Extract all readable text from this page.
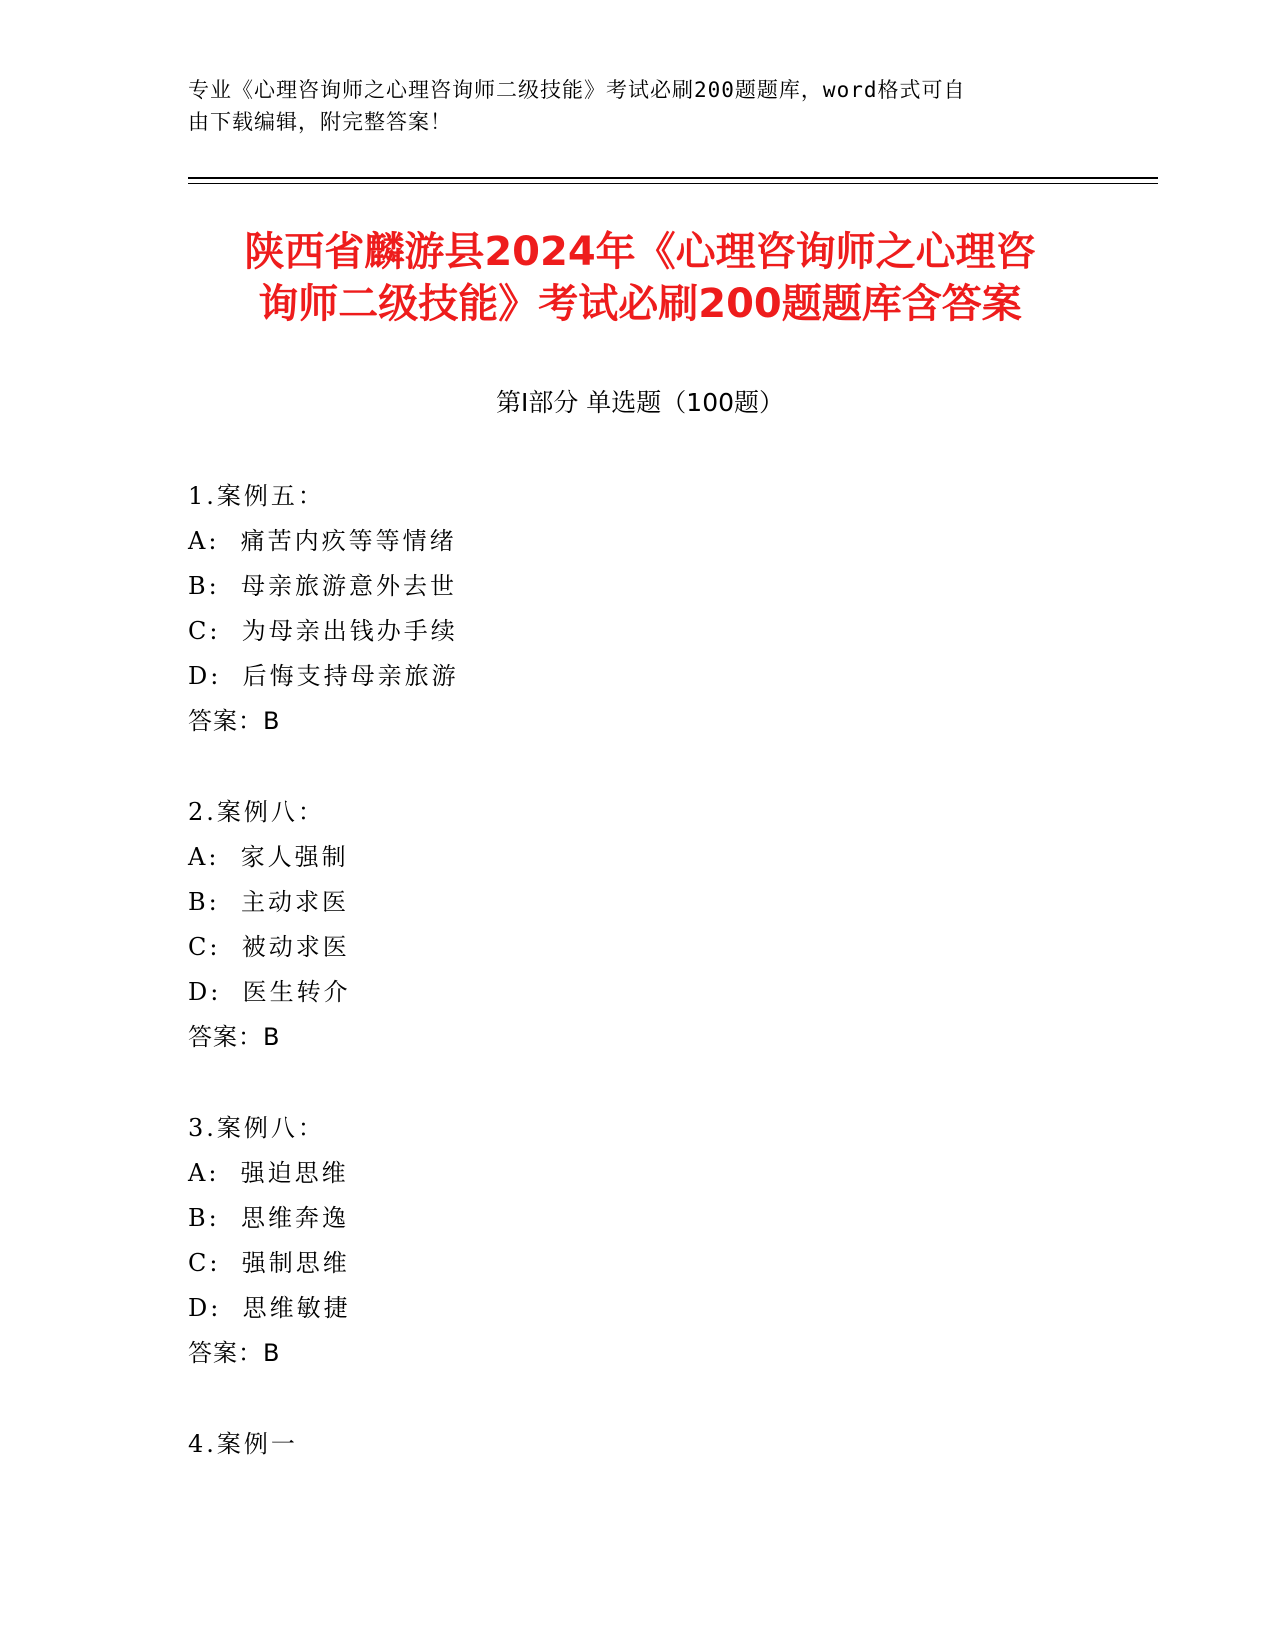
专业《心理咨询师之心理咨询师二级技能》考试必刷200题题库，word格式可自
由下载编辑，附完整答案！
陕西省麟游县2024年《心理咨询师之心理咨
询师二级技能》考试必刷200题题库含答案
第Ⅰ部分 单选题（100题）
1.案例五：
A:  痛苦内疚等等情绪
B:  母亲旅游意外去世
C:  为母亲出钱办手续
D:  后悔支持母亲旅游
答案：B
2.案例八：
A:  家人强制
B:  主动求医
C:  被动求医
D:  医生转介
答案：B
3.案例八：
A:  强迫思维
B:  思维奔逸
C:  强制思维
D:  思维敏捷
答案：B
4.案例一
